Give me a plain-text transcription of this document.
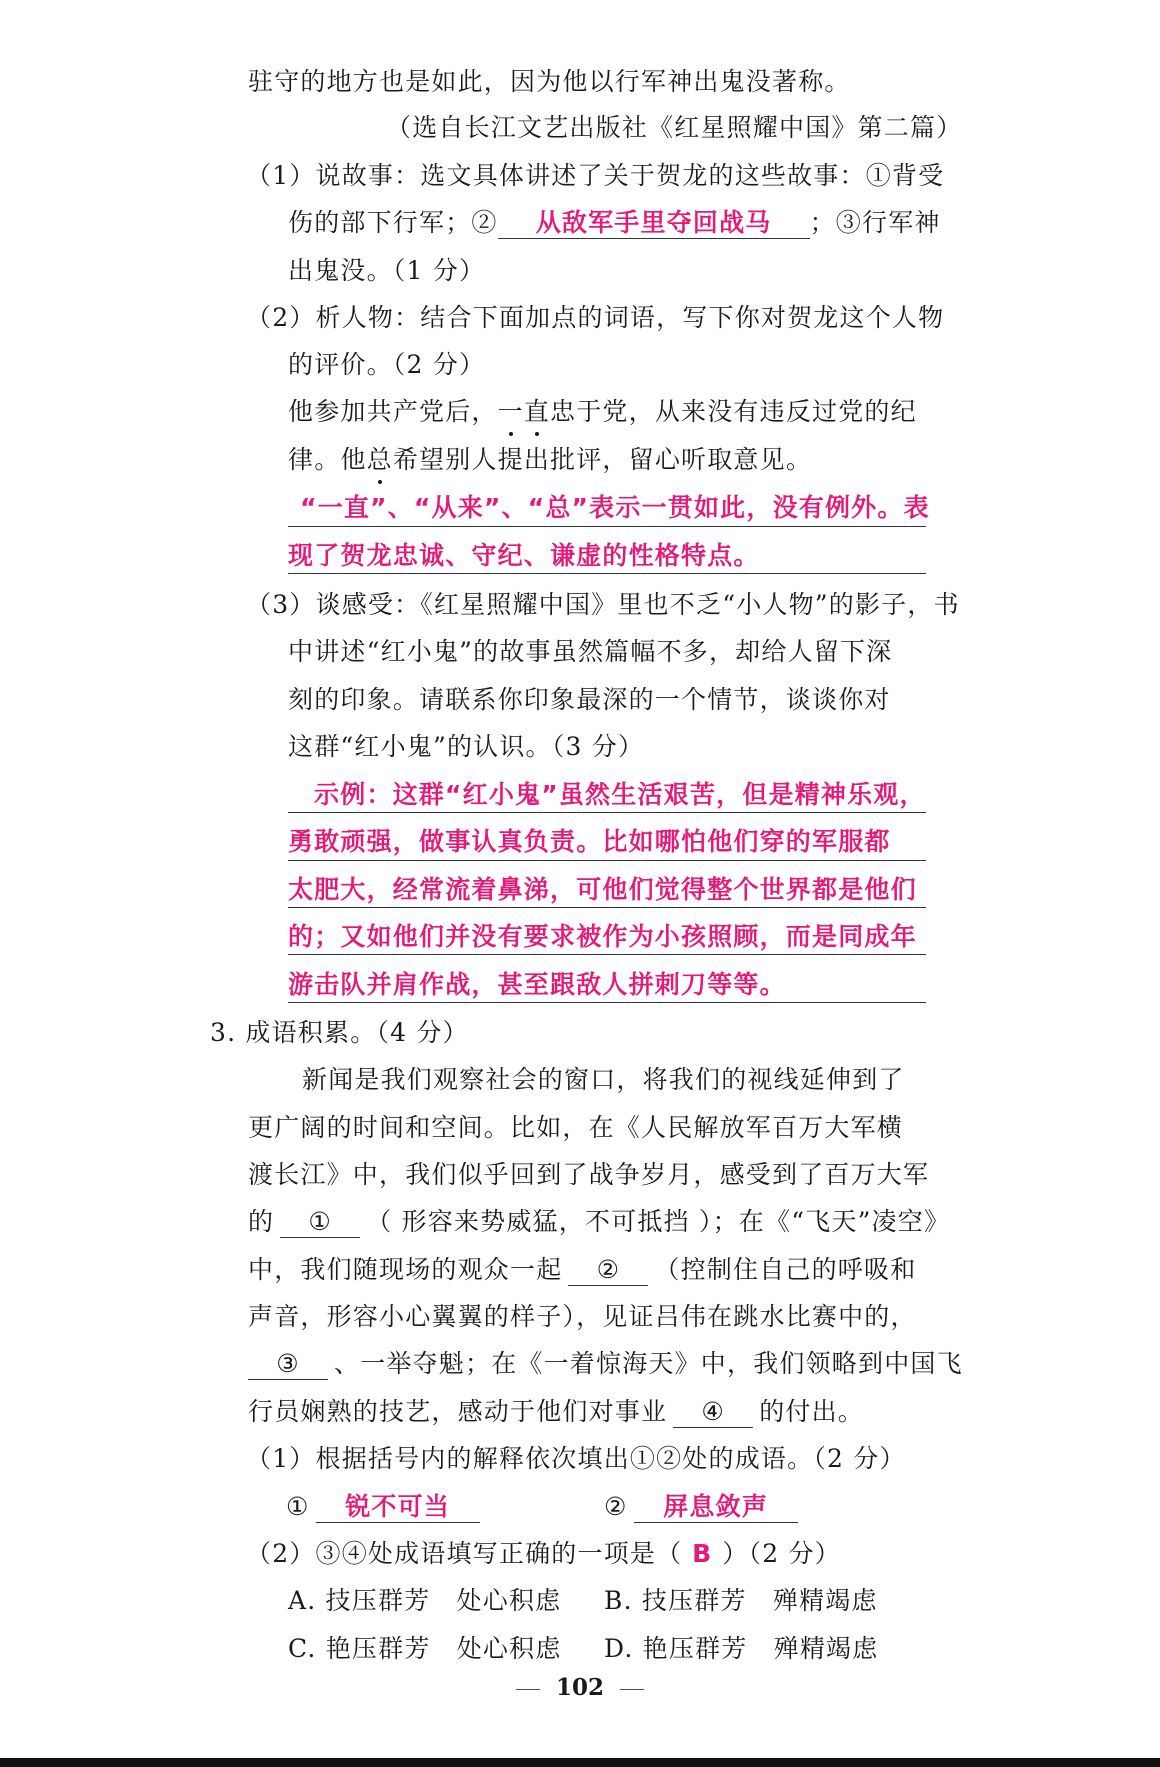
驻守的地方也是如此，因为他以行军神出鬼没著称。
（选自长江文艺出版社《红星照耀中国》第二篇）
（1）说故事：选文具体讲述了关于贺龙的这些故事：①背受
伤的部下行军；② 从敌军手里夺回战马 ；③行军神
出鬼没。（1 分）
（2）析人物：结合下面加点的词语，写下你对贺龙这个人物
的评价。（2 分）
他参加共产党后，一直忠于党，从来没有违反过党的纪
律。他总希望别人提出批评，留心听取意见。
“一直”、“从来”、“总”表示一贯如此，没有例外。表
现了贺龙忠诚、守纪、谦虚的性格特点。
（3）谈感受：《红星照耀中国》里也不乏“小人物”的影子，书
中讲述“红小鬼”的故事虽然篇幅不多，却给人留下深
刻的印象。请联系你印象最深的一个情节，谈谈你对
这群“红小鬼”的认识。（3 分）
示例：这群“红小鬼”虽然生活艰苦，但是精神乐观，
勇敢顽强，做事认真负责。比如哪怕他们穿的军服都
太肥大，经常流着鼻涕，可他们觉得整个世界都是他们
的；又如他们并没有要求被作为小孩照顾，而是同成年
游击队并肩作战，甚至跟敌人拼刺刀等等。
3. 成语积累。（4 分）
新闻是我们观察社会的窗口，将我们的视线延伸到了
更广阔的时间和空间。比如，在《人民解放军百万大军横
渡长江》中，我们似乎回到了战争岁月，感受到了百万大军
的 ① （ 形容来势威猛，不可抵挡 ）；在《“飞天”凌空》
中，我们随现场的观众一起 ② （控制住自己的呼吸和
声音，形容小心翼翼的样子），见证吕伟在跳水比赛中的，
③ 、一举夺魁；在《一着惊海天》中，我们领略到中国飞
行员娴熟的技艺，感动于他们对事业 ④ 的付出。
（1）根据括号内的解释依次填出①②处的成语。（2 分）
① 锐不可当	② 屏息敛声
（2）③④处成语填写正确的一项是（ B ）（2 分）
A. 技压群芳　处心积虑 B. 技压群芳　殚精竭虑
C. 艳压群芳　处心积虑 D. 艳压群芳　殚精竭虑
102
